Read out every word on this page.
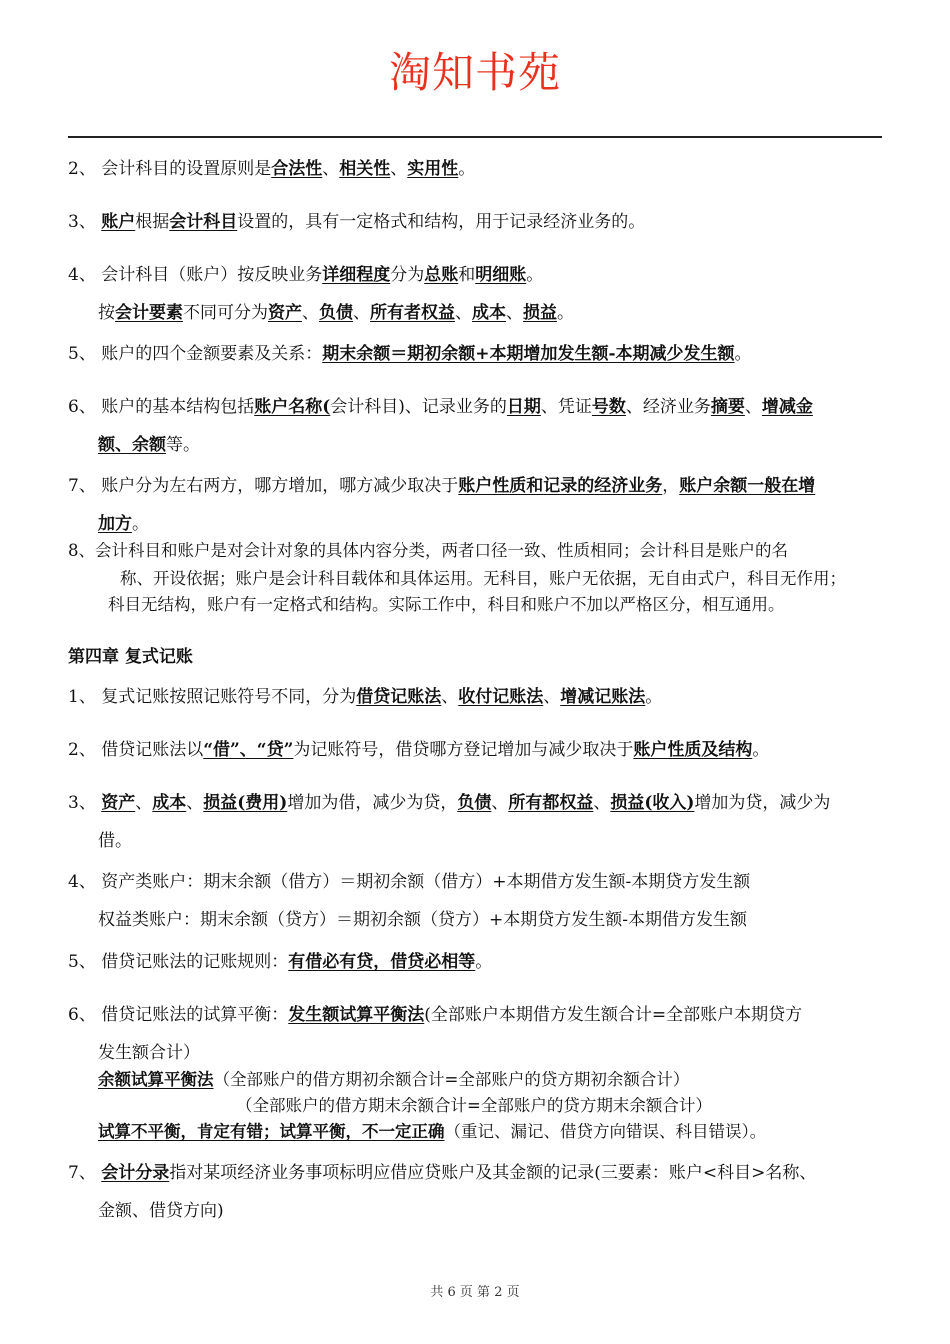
淘知书苑
2、 会计科目的设置原则是合法性、相关性、实用性。
3、 账户根据会计科目设置的，具有一定格式和结构，用于记录经济业务的。
4、 会计科目（账户）按反映业务详细程度分为总账和明细账。
按会计要素不同可分为资产、负债、所有者权益、成本、损益。
5、 账户的四个金额要素及关系：期末余额＝期初余额+本期增加发生额-本期减少发生额。
6、 账户的基本结构包括账户名称(会计科目)、记录业务的日期、凭证号数、经济业务摘要、增减金
额、余额等。
7、 账户分为左右两方，哪方增加，哪方减少取决于账户性质和记录的经济业务，账户余额一般在增
加方。
8、会计科目和账户是对会计对象的具体内容分类，两者口径一致、性质相同；会计科目是账户的名
称、开设依据；账户是会计科目载体和具体运用。无科目，账户无依据，无自由式户，科目无作用；
科目无结构，账户有一定格式和结构。实际工作中，科目和账户不加以严格区分，相互通用。
第四章 复式记账
1、 复式记账按照记账符号不同，分为借贷记账法、收付记账法、增减记账法。
2、 借贷记账法以“借”、“贷”为记账符号，借贷哪方登记增加与减少取决于账户性质及结构。
3、 资产、成本、损益(费用)增加为借，减少为贷，负债、所有都权益、损益(收入)增加为贷，减少为
借。
4、 资产类账户：期末余额（借方）＝期初余额（借方）+本期借方发生额-本期贷方发生额
权益类账户：期末余额（贷方）＝期初余额（贷方）+本期贷方发生额-本期借方发生额
5、 借贷记账法的记账规则：有借必有贷，借贷必相等。
6、 借贷记账法的试算平衡：发生额试算平衡法(全部账户本期借方发生额合计=全部账户本期贷方
发生额合计）
余额试算平衡法（全部账户的借方期初余额合计=全部账户的贷方期初余额合计）
（全部账户的借方期末余额合计=全部账户的贷方期末余额合计）
试算不平衡，肯定有错；试算平衡，不一定正确（重记、漏记、借贷方向错误、科目错误）。
7、 会计分录指对某项经济业务事项标明应借应贷账户及其金额的记录(三要素：账户<科目>名称、
金额、借贷方向)
共 6 页 第 2 页
